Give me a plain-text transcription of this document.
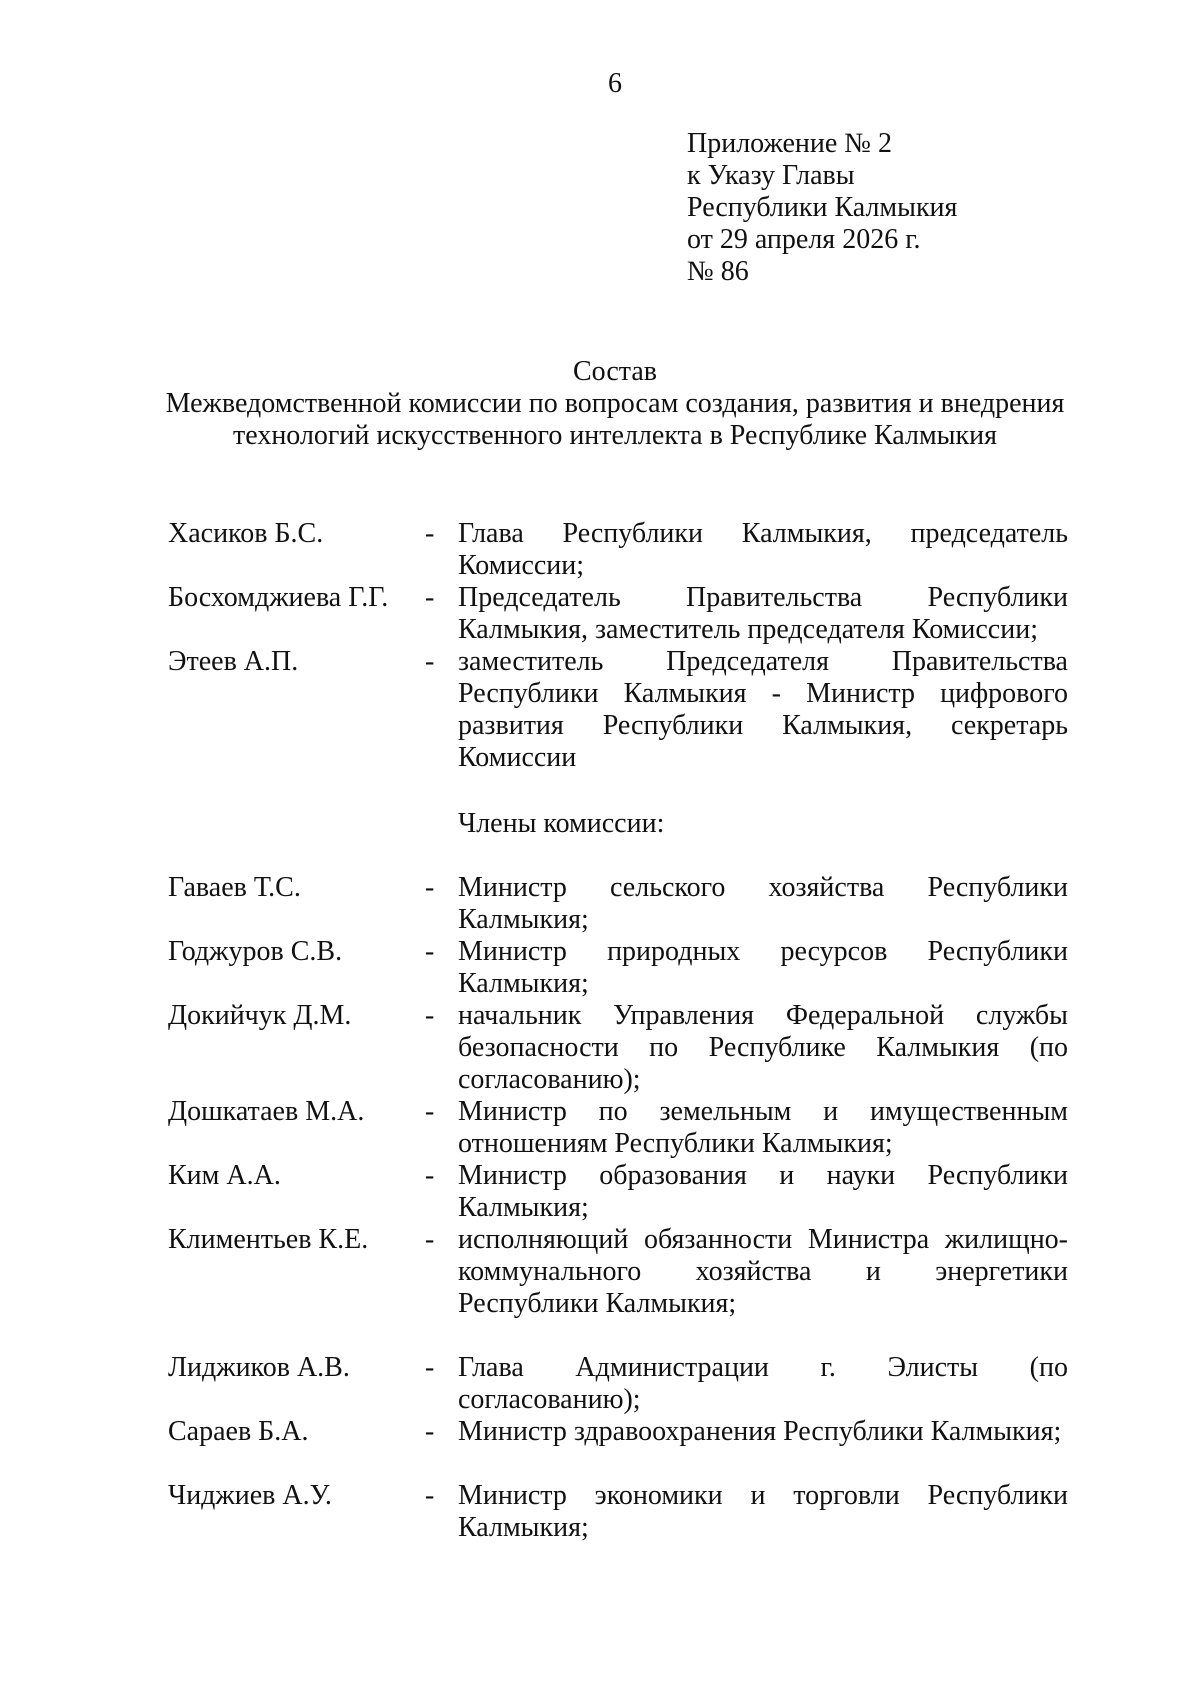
6
Приложение № 2
к Указу Главы
Республики Калмыкия
от 29 апреля 2026 г.
№ 86
Состав
Межведомственной комиссии по вопросам создания, развития и внедрения
технологий искусственного интеллекта в Республике Калмыкия
Хасиков Б.С.	- Глава Республики Калмыкия, председатель Комиссии;
Босхомджиева Г.Г. - Председатель Правительства Республики Калмыкия, заместитель председателя Комиссии;
Этеев А.П.	- заместитель Председателя Правительства Республики Калмыкия - Министр цифрового развития Республики Калмыкия, секретарь Комиссии
Члены комиссии:
Гаваев Т.С.	- Министр сельского хозяйства Республики Калмыкия;
Годжуров С.В.	- Министр природных ресурсов Республики Калмыкия;
Докийчук Д.М.	- начальник Управления Федеральной службы безопасности по Республике Калмыкия (по согласованию);
Дошкатаев М.А. - Министр по земельным и имущественным отношениям Республики Калмыкия;
Ким А.А.	- Министр образования и науки Республики Калмыкия;
Климентьев К.Е. - исполняющий обязанности Министра жилищно-коммунального хозяйства и энергетики Республики Калмыкия;
Лиджиков А.В.	- Глава Администрации г. Элисты (по согласованию);
Сараев Б.А.	- Министр здравоохранения Республики Калмыкия;
Чиджиев А.У.	- Министр экономики и торговли Республики Калмыкия;
